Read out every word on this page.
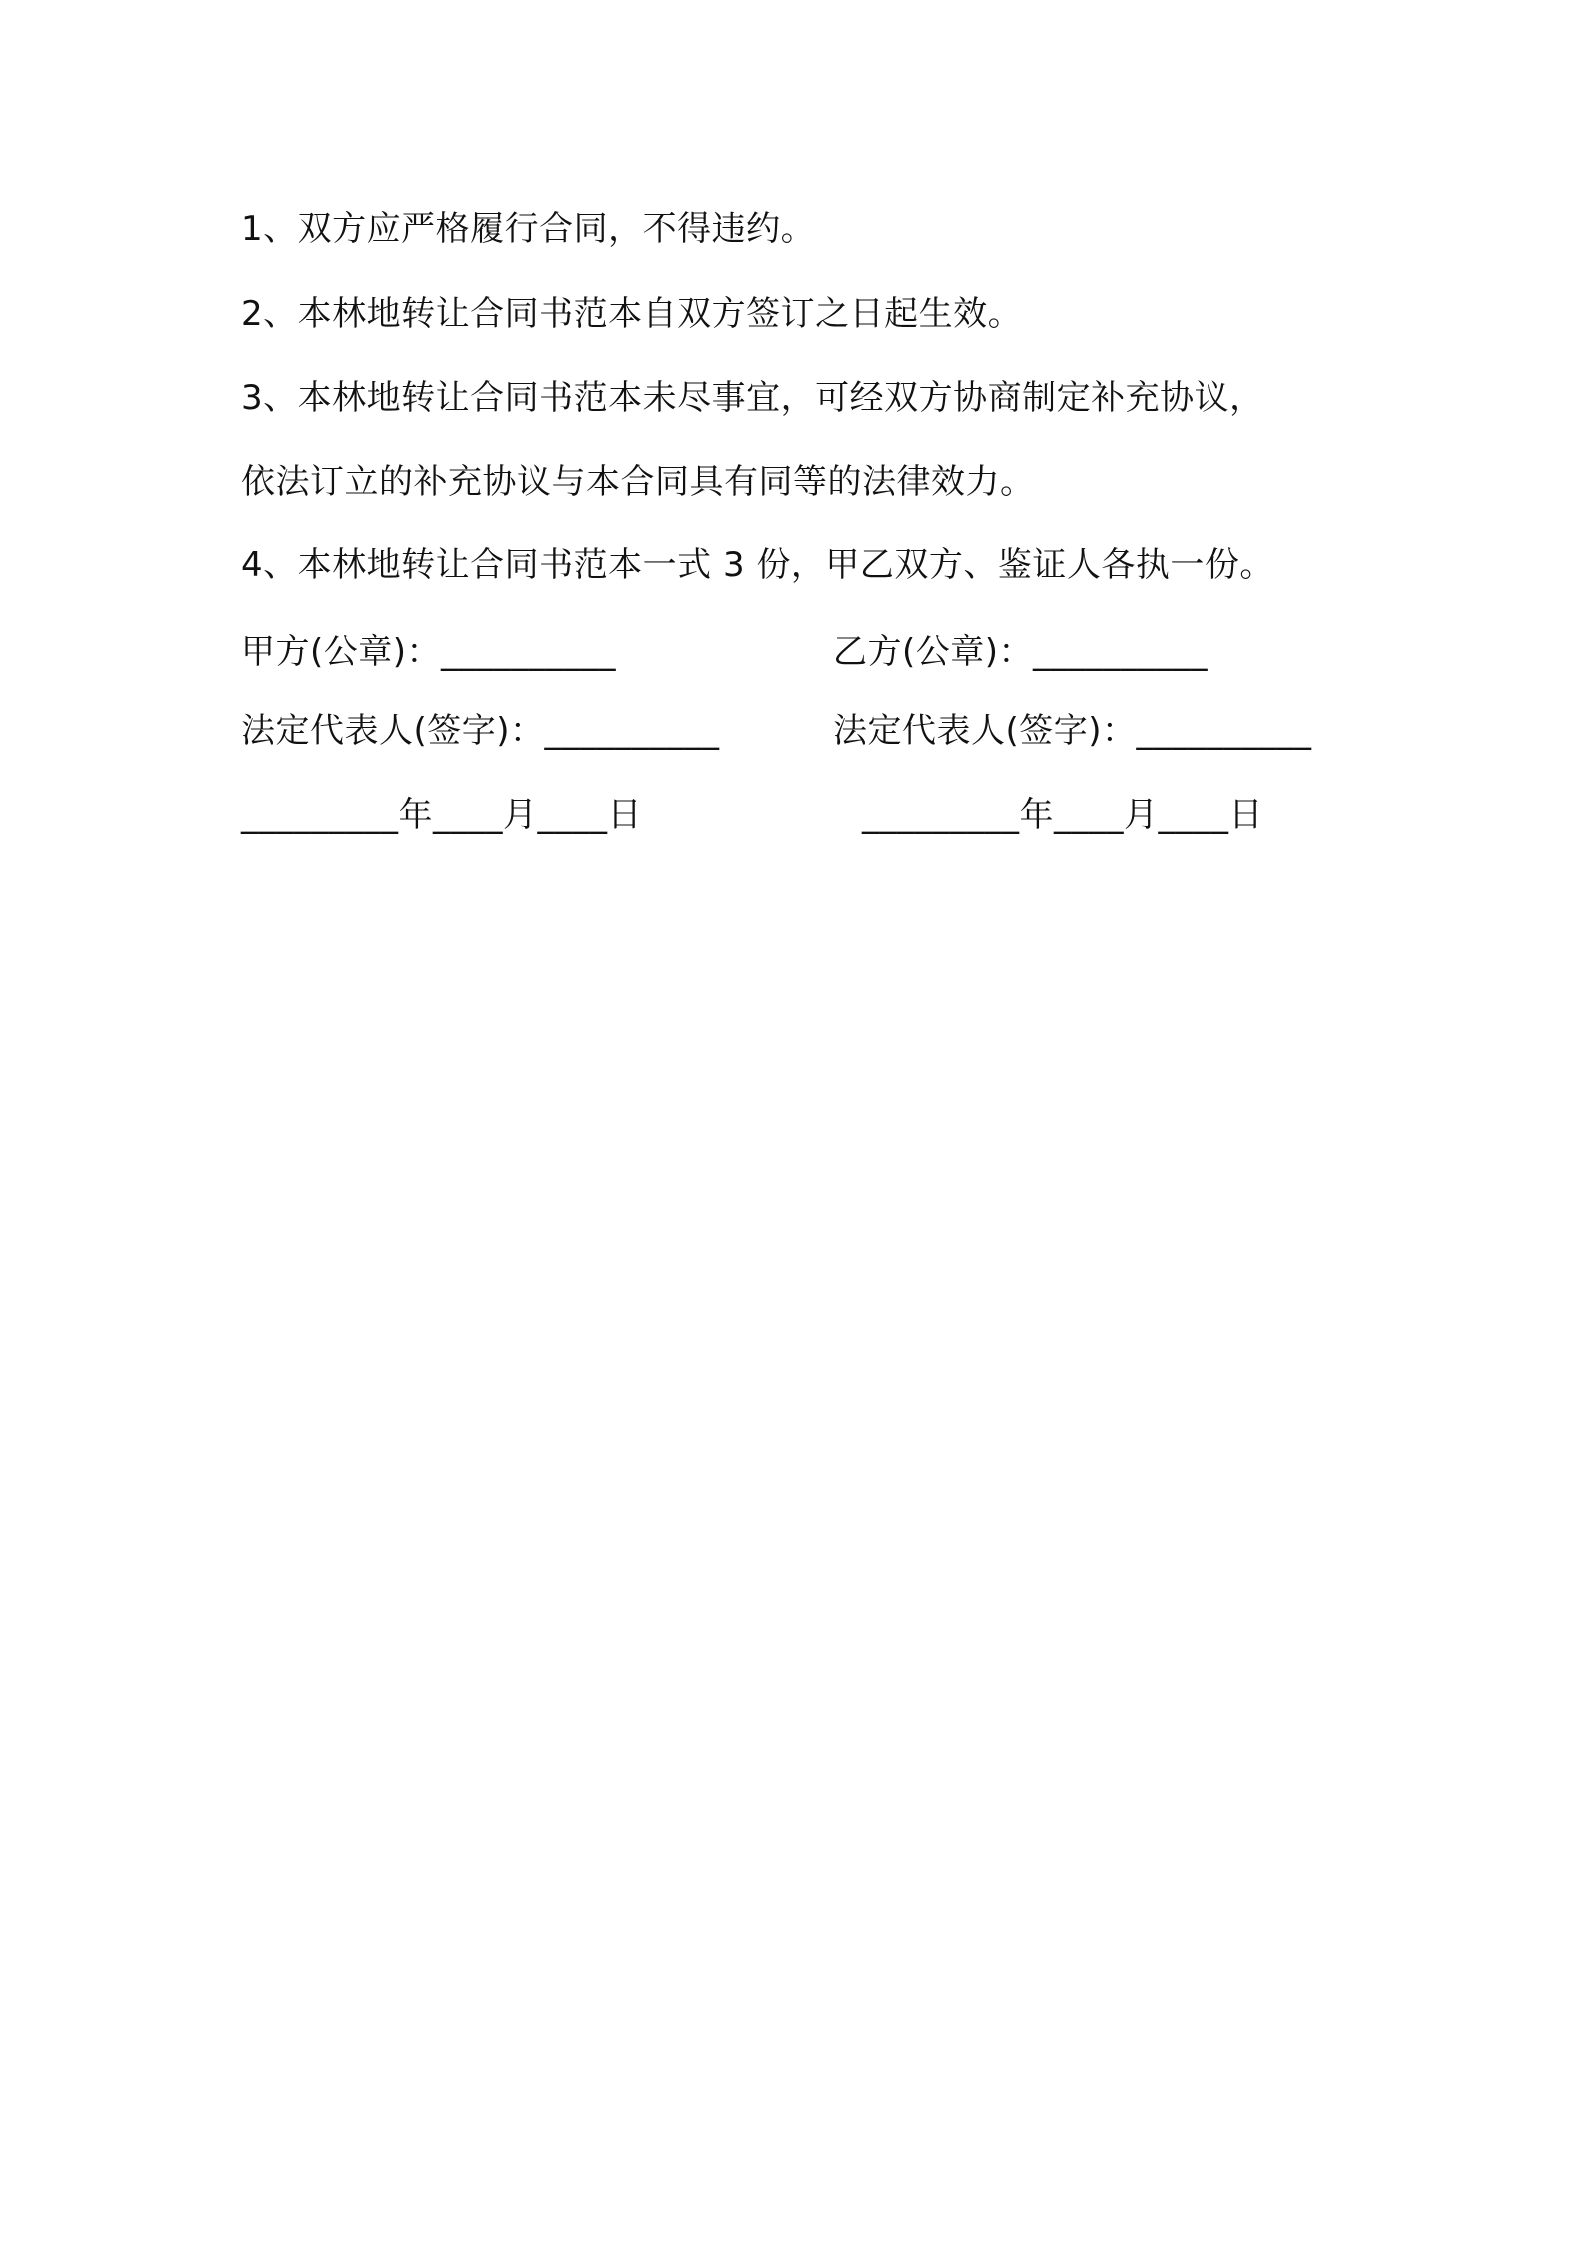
1、双方应严格履行合同，不得违约。
2、本林地转让合同书范本自双方签订之日起生效。
3、本林地转让合同书范本未尽事宜，可经双方协商制定补充协议，
依法订立的补充协议与本合同具有同等的法律效力。
4、本林地转让合同书范本一式 3 份，甲乙双方、鉴证人各执一份。
甲方(公章)：__________	乙方(公章)：__________
法定代表人(签字)：__________	法定代表人(签字)：__________
_________年____月____日	_________年____月____日
